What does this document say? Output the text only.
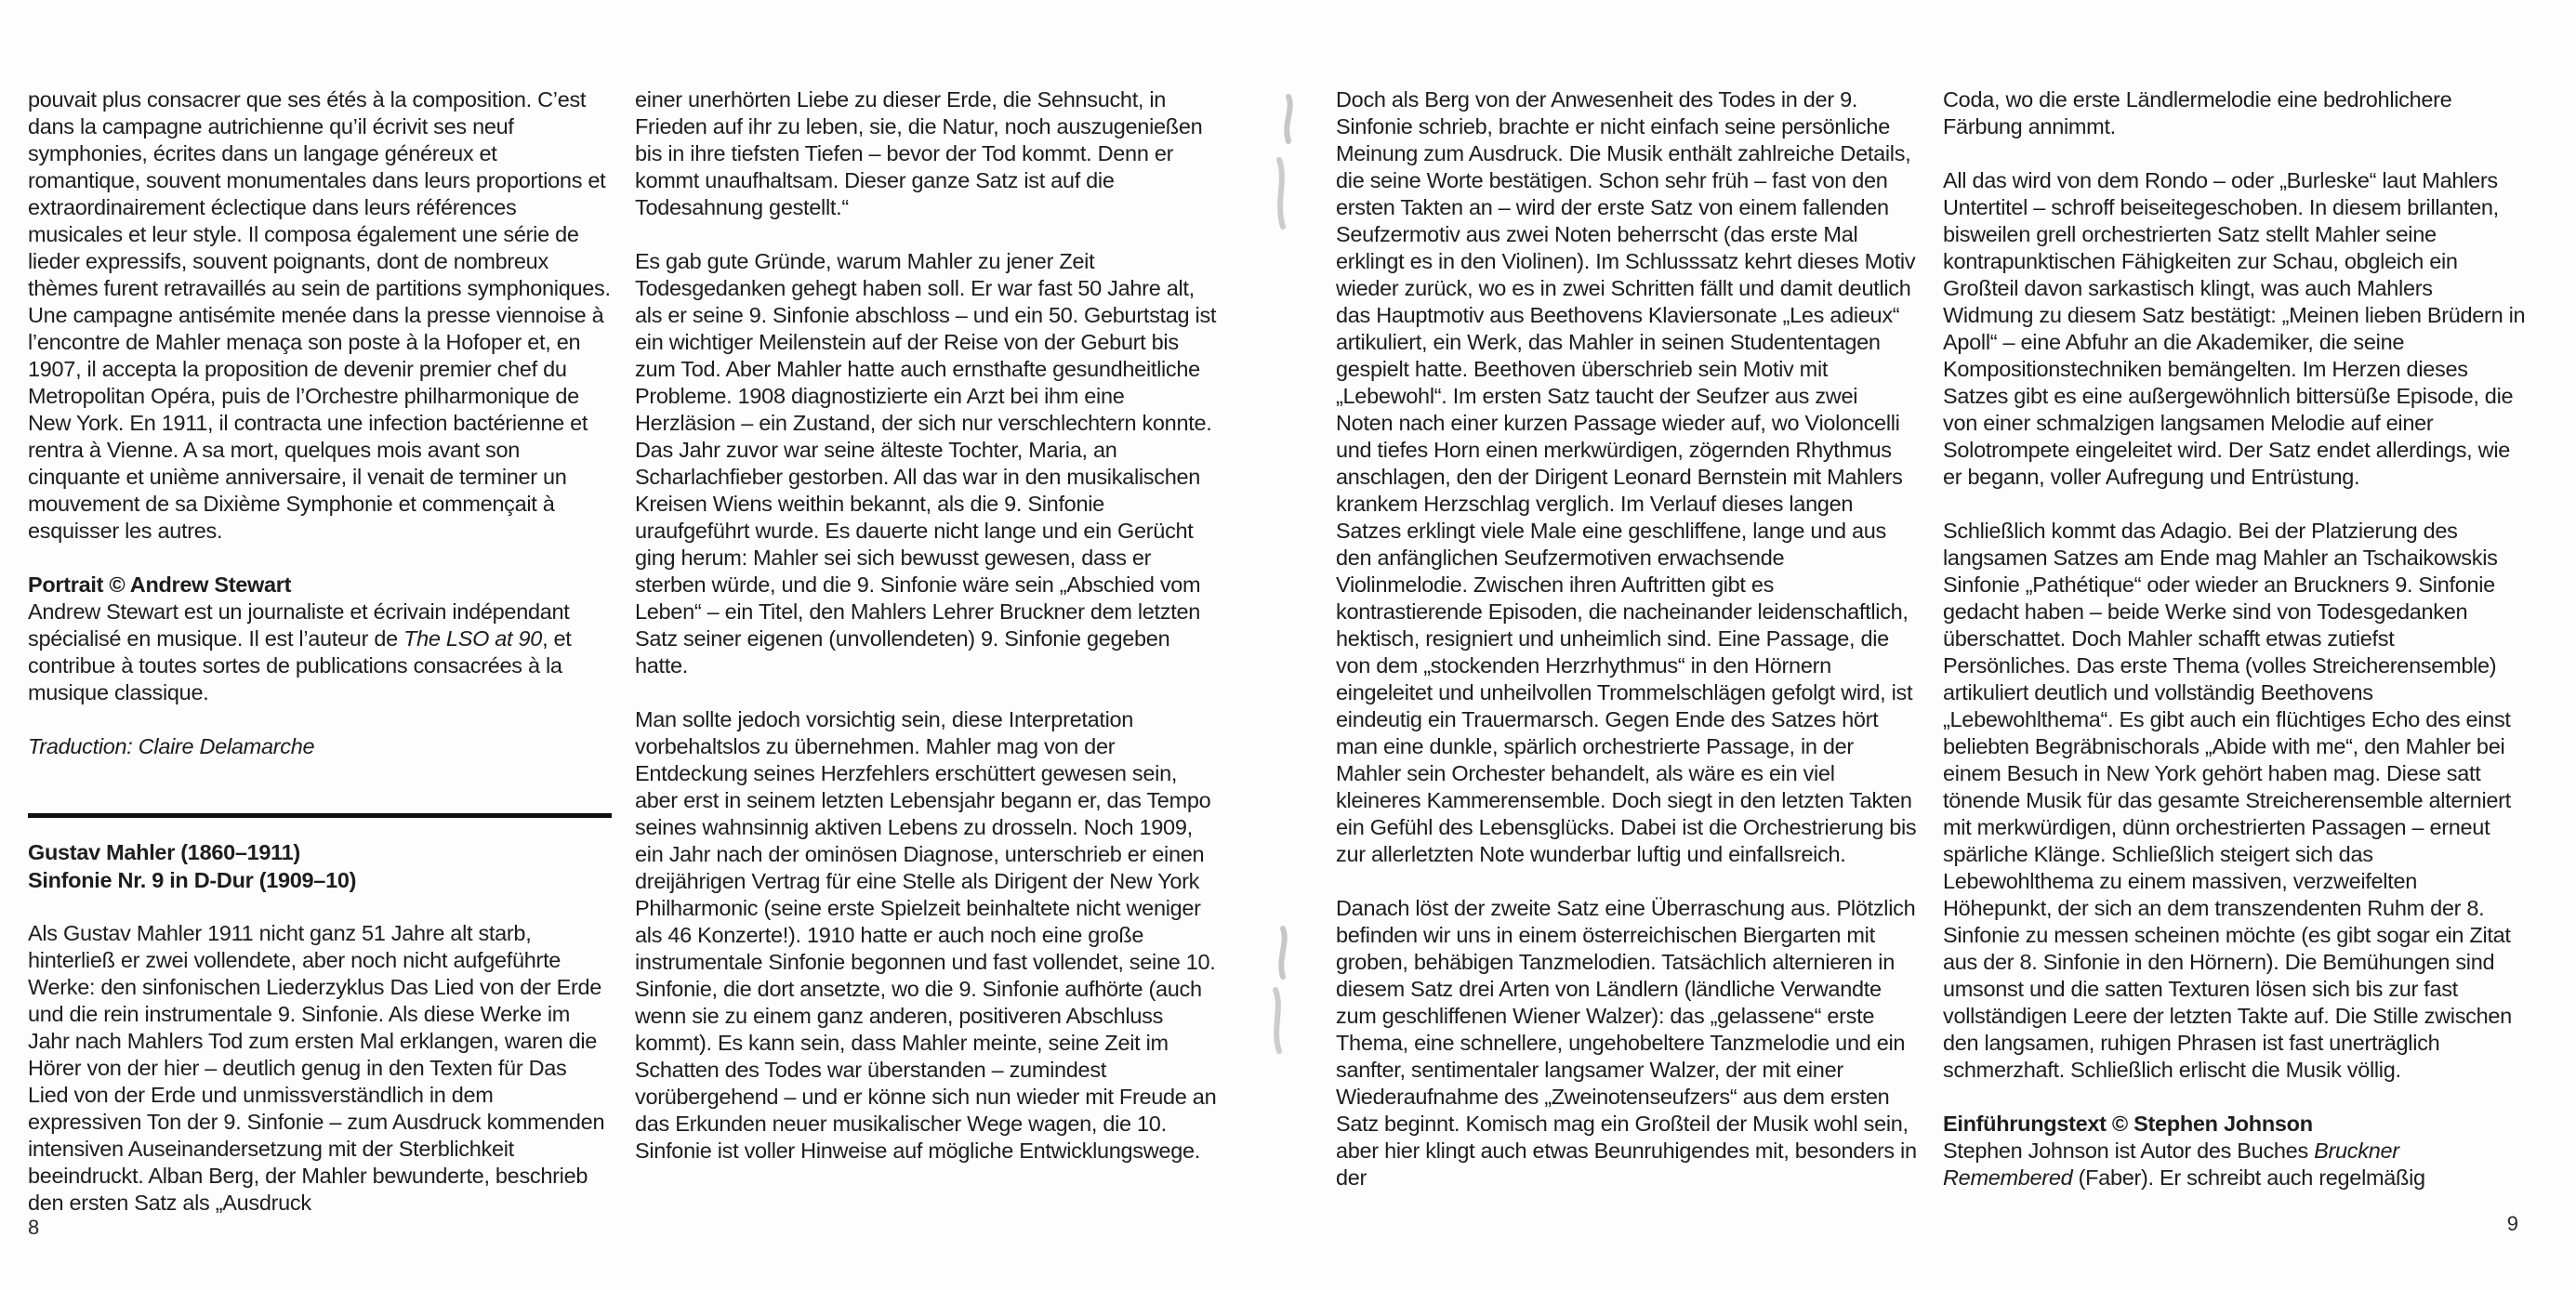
pouvait plus consacrer que ses étés à la composition. C’est dans la campagne autrichienne qu’il écrivit ses neuf symphonies, écrites dans un langage généreux et romantique, souvent monumentales dans leurs proportions et extraordinairement éclectique dans leurs références musicales et leur style. Il composa également une série de lieder expressifs, souvent poignants, dont de nombreux thèmes furent retravaillés au sein de partitions symphoniques. Une campagne antisémite menée dans la presse viennoise à l’encontre de Mahler menaça son poste à la Hofoper et, en 1907, il accepta la proposition de devenir premier chef du Metropolitan Opéra, puis de l’Orchestre philharmonique de New York. En 1911, il contracta une infection bactérienne et rentra à Vienne. A sa mort, quelques mois avant son cinquante et unième anniversaire, il venait de terminer un mouvement de sa Dixième Symphonie et commençait à esquisser les autres.

Portrait © Andrew Stewart

Andrew Stewart est un journaliste et écrivain indépendant spécialisé en musique. Il est l’auteur de The LSO at 90, et contribue à toutes sortes de publications consacrées à la musique classique.

Traduction: Claire Delamarche

Gustav Mahler (1860–1911)
Sinfonie Nr. 9 in D-Dur (1909–10)

Als Gustav Mahler 1911 nicht ganz 51 Jahre alt starb, hinterließ er zwei vollendete, aber noch nicht aufgeführte Werke: den sinfonischen Liederzyklus Das Lied von der Erde und die rein instrumentale 9. Sinfonie. Als diese Werke im Jahr nach Mahlers Tod zum ersten Mal erklangen, waren die Hörer von der hier – deutlich genug in den Texten für Das Lied von der Erde und unmissverständlich in dem expressiven Ton der 9. Sinfonie – zum Ausdruck kommenden intensiven Auseinandersetzung mit der Sterblichkeit beeindruckt. Alban Berg, der Mahler bewunderte, beschrieb den ersten Satz als „Ausdruck

einer unerhörten Liebe zu dieser Erde, die Sehnsucht, in Frieden auf ihr zu leben, sie, die Natur, noch auszugenießen bis in ihre tiefsten Tiefen – bevor der Tod kommt. Denn er kommt unaufhaltsam. Dieser ganze Satz ist auf die Todesahnung gestellt.“

Es gab gute Gründe, warum Mahler zu jener Zeit Todesgedanken gehegt haben soll. Er war fast 50 Jahre alt, als er seine 9. Sinfonie abschloss – und ein 50. Geburtstag ist ein wichtiger Meilenstein auf der Reise von der Geburt bis zum Tod. Aber Mahler hatte auch ernsthafte gesundheitliche Probleme. 1908 diagnostizierte ein Arzt bei ihm eine Herzläsion – ein Zustand, der sich nur verschlechtern konnte. Das Jahr zuvor war seine älteste Tochter, Maria, an Scharlachfieber gestorben. All das war in den musikalischen Kreisen Wiens weithin bekannt, als die 9. Sinfonie uraufgeführt wurde. Es dauerte nicht lange und ein Gerücht ging herum: Mahler sei sich bewusst gewesen, dass er sterben würde, und die 9. Sinfonie wäre sein „Abschied vom Leben“ – ein Titel, den Mahlers Lehrer Bruckner dem letzten Satz seiner eigenen (unvollendeten) 9. Sinfonie gegeben hatte.

Man sollte jedoch vorsichtig sein, diese Interpretation vorbehaltslos zu übernehmen. Mahler mag von der Entdeckung seines Herzfehlers erschüttert gewesen sein, aber erst in seinem letzten Lebensjahr begann er, das Tempo seines wahnsinnig aktiven Lebens zu drosseln. Noch 1909, ein Jahr nach der ominösen Diagnose, unterschrieb er einen dreijährigen Vertrag für eine Stelle als Dirigent der New York Philharmonic (seine erste Spielzeit beinhaltete nicht weniger als 46 Konzerte!). 1910 hatte er auch noch eine große instrumentale Sinfonie begonnen und fast vollendet, seine 10. Sinfonie, die dort ansetzte, wo die 9. Sinfonie aufhörte (auch wenn sie zu einem ganz anderen, positiveren Abschluss kommt). Es kann sein, dass Mahler meinte, seine Zeit im Schatten des Todes war überstanden – zumindest vorübergehend – und er könne sich nun wieder mit Freude an das Erkunden neuer musikalischer Wege wagen, die 10. Sinfonie ist voller Hinweise auf mögliche Entwicklungswege.

8

Doch als Berg von der Anwesenheit des Todes in der 9. Sinfonie schrieb, brachte er nicht einfach seine persönliche Meinung zum Ausdruck. Die Musik enthält zahlreiche Details, die seine Worte bestätigen. Schon sehr früh – fast von den ersten Takten an – wird der erste Satz von einem fallenden Seufzermotiv aus zwei Noten beherrscht (das erste Mal erklingt es in den Violinen). Im Schlusssatz kehrt dieses Motiv wieder zurück, wo es in zwei Schritten fällt und damit deutlich das Hauptmotiv aus Beethovens Klaviersonate „Les adieux“ artikuliert, ein Werk, das Mahler in seinen Studententagen gespielt hatte. Beethoven überschrieb sein Motiv mit „Lebewohl“. Im ersten Satz taucht der Seufzer aus zwei Noten nach einer kurzen Passage wieder auf, wo Violoncelli und tiefes Horn einen merkwürdigen, zögernden Rhythmus anschlagen, den der Dirigent Leonard Bernstein mit Mahlers krankem Herzschlag verglich. Im Verlauf dieses langen Satzes erklingt viele Male eine geschliffene, lange und aus den anfänglichen Seufzermotiven erwachsende Violinmelodie. Zwischen ihren Auftritten gibt es kontrastierende Episoden, die nacheinander leidenschaftlich, hektisch, resigniert und unheimlich sind. Eine Passage, die von dem „stockenden Herzrhythmus“ in den Hörnern eingeleitet und unheilvollen Trommelschlägen gefolgt wird, ist eindeutig ein Trauermarsch. Gegen Ende des Satzes hört man eine dunkle, spärlich orchestrierte Passage, in der Mahler sein Orchester behandelt, als wäre es ein viel kleineres Kammerensemble. Doch siegt in den letzten Takten ein Gefühl des Lebensglücks. Dabei ist die Orchestrierung bis zur allerletzten Note wunderbar luftig und einfallsreich.

Danach löst der zweite Satz eine Überraschung aus. Plötzlich befinden wir uns in einem österreichischen Biergarten mit groben, behäbigen Tanzmelodien. Tatsächlich alternieren in diesem Satz drei Arten von Ländlern (ländliche Verwandte zum geschliffenen Wiener Walzer): das „gelassene“ erste Thema, eine schnellere, ungehobeltere Tanzmelodie und ein sanfter, sentimentaler langsamer Walzer, der mit einer Wiederaufnahme des „Zweinotenseufzers“ aus dem ersten Satz beginnt. Komisch mag ein Großteil der Musik wohl sein, aber hier klingt auch etwas Beunruhigendes mit, besonders in der

Coda, wo die erste Ländlermelodie eine bedrohlichere Färbung annimmt.

All das wird von dem Rondo – oder „Burleske“ laut Mahlers Untertitel – schroff beiseitegeschoben. In diesem brillanten, bisweilen grell orchestrierten Satz stellt Mahler seine kontrapunktischen Fähigkeiten zur Schau, obgleich ein Großteil davon sarkastisch klingt, was auch Mahlers Widmung zu diesem Satz bestätigt: „Meinen lieben Brüdern in Apoll“ – eine Abfuhr an die Akademiker, die seine Kompositionstechniken bemängelten. Im Herzen dieses Satzes gibt es eine außergewöhnlich bittersüße Episode, die von einer schmalzigen langsamen Melodie auf einer Solotrompete eingeleitet wird. Der Satz endet allerdings, wie er begann, voller Aufregung und Entrüstung.

Schließlich kommt das Adagio. Bei der Platzierung des langsamen Satzes am Ende mag Mahler an Tschaikowskis Sinfonie „Pathétique“ oder wieder an Bruckners 9. Sinfonie gedacht haben – beide Werke sind von Todesgedanken überschattet. Doch Mahler schafft etwas zutiefst Persönliches. Das erste Thema (volles Streicherensemble) artikuliert deutlich und vollständig Beethovens „Lebewohlthema“. Es gibt auch ein flüchtiges Echo des einst beliebten Begräbnischorals „Abide with me“, den Mahler bei einem Besuch in New York gehört haben mag. Diese satt tönende Musik für das gesamte Streicherensemble alterniert mit merkwürdigen, dünn orchestrierten Passagen – erneut spärliche Klänge. Schließlich steigert sich das Lebewohlthema zu einem massiven, verzweifelten Höhepunkt, der sich an dem transzendenten Ruhm der 8. Sinfonie zu messen scheinen möchte (es gibt sogar ein Zitat aus der 8. Sinfonie in den Hörnern). Die Bemühungen sind umsonst und die satten Texturen lösen sich bis zur fast vollständigen Leere der letzten Takte auf. Die Stille zwischen den langsamen, ruhigen Phrasen ist fast unerträglich schmerzhaft. Schließlich erlischt die Musik völlig.

Einführungstext © Stephen Johnson

Stephen Johnson ist Autor des Buches Bruckner Remembered (Faber). Er schreibt auch regelmäßig

9
